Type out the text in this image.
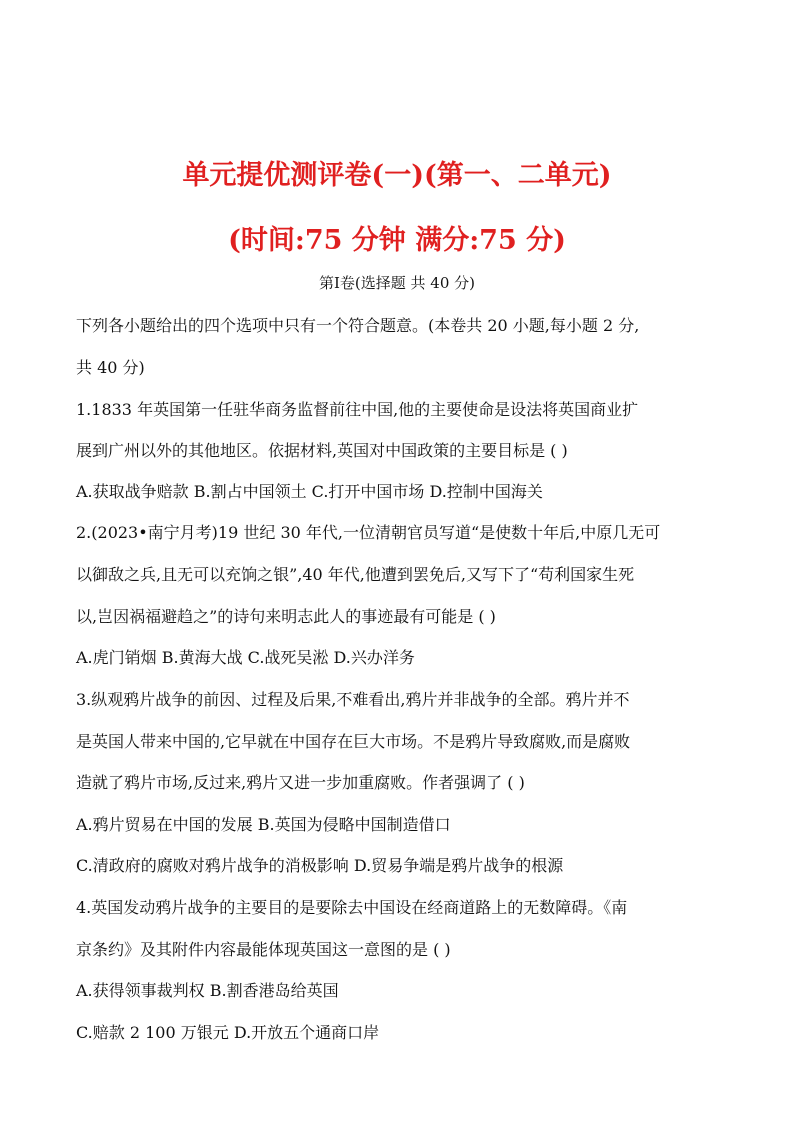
单元提优测评卷(一)(第一、二单元)
(时间:75 分钟 满分:75 分)
第Ⅰ卷(选择题 共 40 分)
下列各小题给出的四个选项中只有一个符合题意。(本卷共 20 小题,每小题 2 分,
共 40 分)
1.1833 年英国第一任驻华商务监督前往中国,他的主要使命是设法将英国商业扩
展到广州以外的其他地区。依据材料,英国对中国政策的主要目标是 ( )
A.获取战争赔款 B.割占中国领土 C.打开中国市场 D.控制中国海关
2.(2023•南宁月考)19 世纪 30 年代,一位清朝官员写道“是使数十年后,中原几无可
以御敌之兵,且无可以充饷之银”,40 年代,他遭到罢免后,又写下了“苟利国家生死
以,岂因祸福避趋之”的诗句来明志此人的事迹最有可能是 ( )
A.虎门销烟 B.黄海大战 C.战死吴淞 D.兴办洋务
3.纵观鸦片战争的前因、过程及后果,不难看出,鸦片并非战争的全部。鸦片并不
是英国人带来中国的,它早就在中国存在巨大市场。不是鸦片导致腐败,而是腐败
造就了鸦片市场,反过来,鸦片又进一步加重腐败。作者强调了 ( )
A.鸦片贸易在中国的发展 B.英国为侵略中国制造借口
C.清政府的腐败对鸦片战争的消极影响 D.贸易争端是鸦片战争的根源
4.英国发动鸦片战争的主要目的是要除去中国设在经商道路上的无数障碍。《南
京条约》及其附件内容最能体现英国这一意图的是 ( )
A.获得领事裁判权 B.割香港岛给英国
C.赔款 2 100 万银元 D.开放五个通商口岸
